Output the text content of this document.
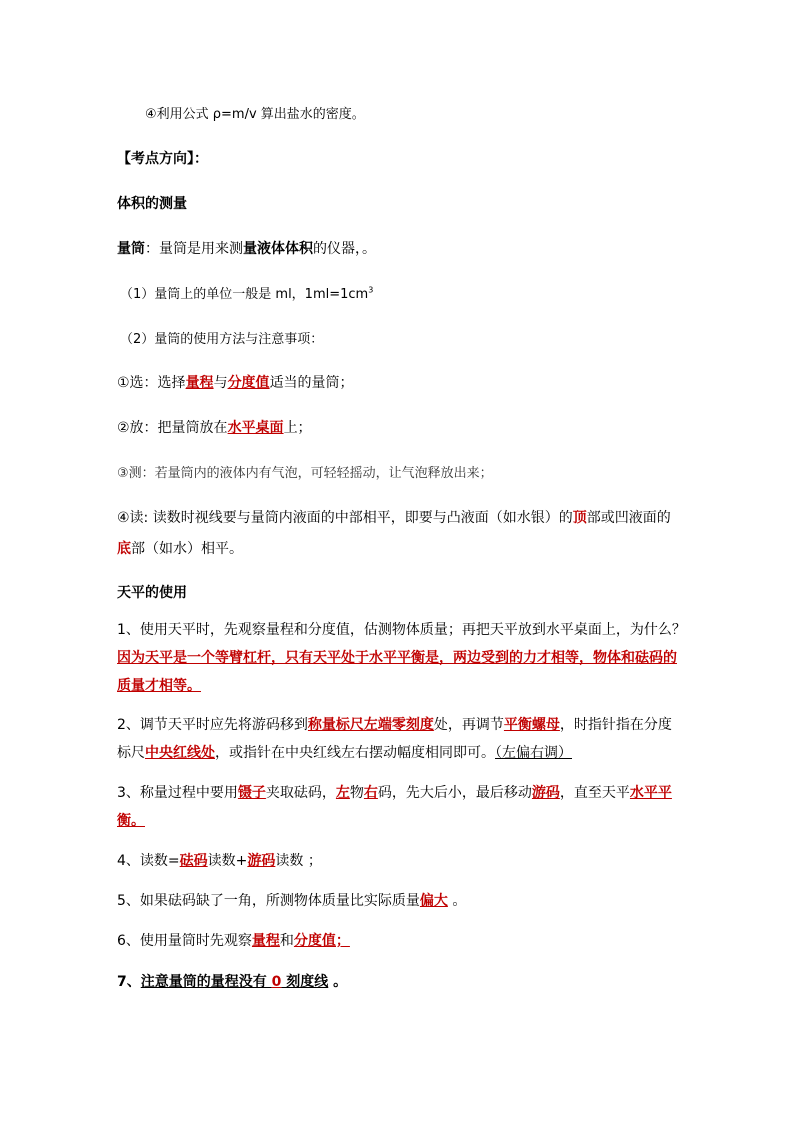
④利用公式 ρ=m/v 算出盐水的密度。
【考点方向】：
体积的测量
量筒：量筒是用来测量液体体积的仪器，。
（1）量筒上的单位一般是 ml，$1ml=1cm^3$
（2）量筒的使用方法与注意事项：
①选：选择量程与分度值适当的量筒；
②放：把量筒放在水平桌面上；
③测：若量筒内的液体内有气泡，可轻轻摇动，让气泡释放出来；
④读: 读数时视线要与量筒内液面的中部相平，即要与凸液面（如水银）的顶部或凹液面的
底部（如水）相平。
天平的使用
1、使用天平时，先观察量程和分度值，估测物体质量；再把天平放到水平桌面上，为什么？
因为天平是一个等臂杠杆，只有天平处于水平平衡是，两边受到的力才相等，物体和砝码的
质量才相等。
2、调节天平时应先将游码移到称量标尺左端零刻度处，再调节平衡螺母，时指针指在分度
标尺中央红线处，或指针在中央红线左右摆动幅度相同即可。（左偏右调）
3、称量过程中要用镊子夹取砝码，左物右码，先大后小，最后移动游码，直至天平水平平
衡。
4、读数=砝码读数+游码读数 ；
5、如果砝码缺了一角，所测物体质量比实际质量偏大 。
6、使用量筒时先观察量程和分度值；
7、注意量筒的量程没有 0 刻度线 。
